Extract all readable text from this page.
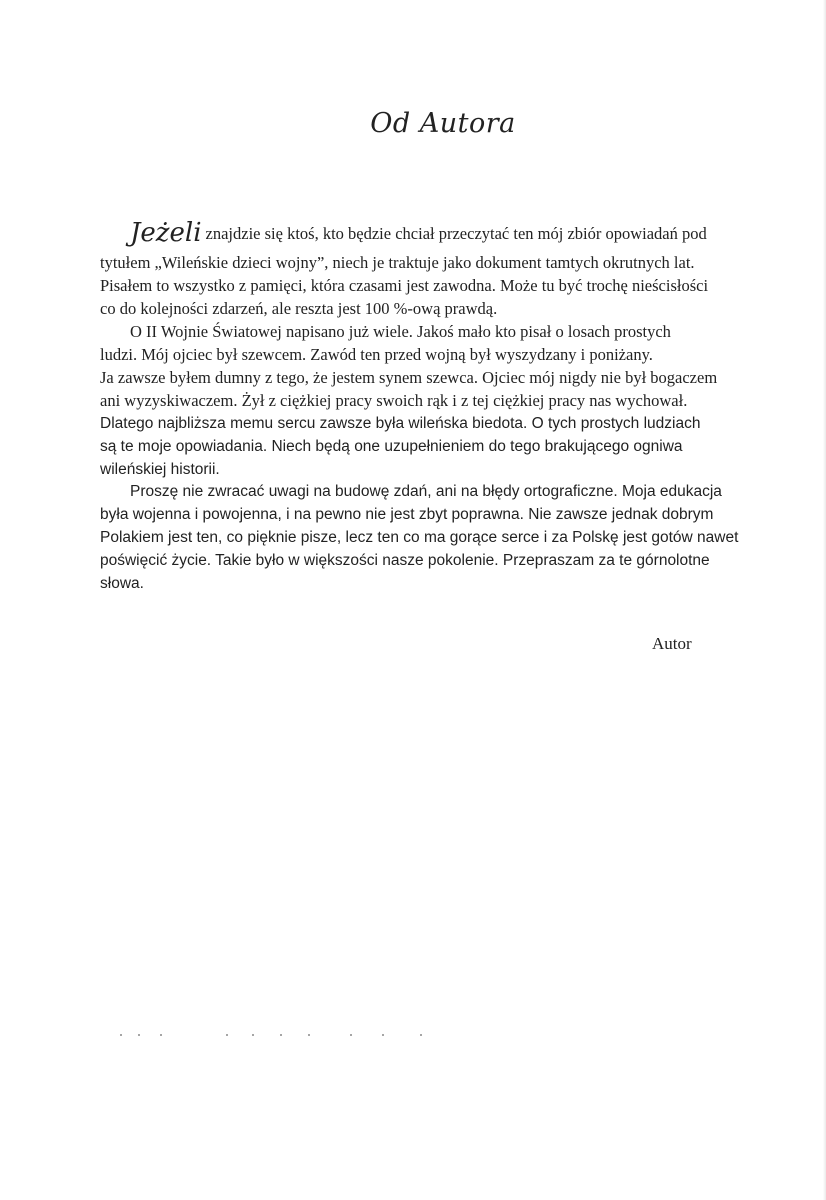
Od Autora
Jeżeli znajdzie się ktoś, kto będzie chciał przeczytać ten mój zbiór opowiadań pod
tytułem „Wileńskie dzieci wojny”, niech je traktuje jako dokument tamtych okrutnych lat.
Pisałem to wszystko z pamięci, która czasami jest zawodna. Może tu być trochę nieścisłości
co do kolejności zdarzeń, ale reszta jest 100 %-ową prawdą.
O II Wojnie Światowej napisano już wiele. Jakoś mało kto pisał o losach prostych
ludzi. Mój ojciec był szewcem. Zawód ten przed wojną był wyszydzany i poniżany.
Ja zawsze byłem dumny z tego, że jestem synem szewca. Ojciec mój nigdy nie był bogaczem
ani wyzyskiwaczem. Żył z ciężkiej pracy swoich rąk i z tej ciężkiej pracy nas wychował.
Dlatego najbliższa memu sercu zawsze była wileńska biedota. O tych prostych ludziach
są te moje opowiadania. Niech będą one uzupełnieniem do tego brakującego ogniwa
wileńskiej historii.
Proszę nie zwracać uwagi na budowę zdań, ani na błędy ortograficzne. Moja edukacja
była wojenna i powojenna, i na pewno nie jest zbyt poprawna. Nie zawsze jednak dobrym
Polakiem jest ten, co pięknie pisze, lecz ten co ma gorące serce i za Polskę jest gotów nawet
poświęcić życie. Takie było w większości nasze pokolenie. Przepraszam za te górnolotne
słowa.
Autor
